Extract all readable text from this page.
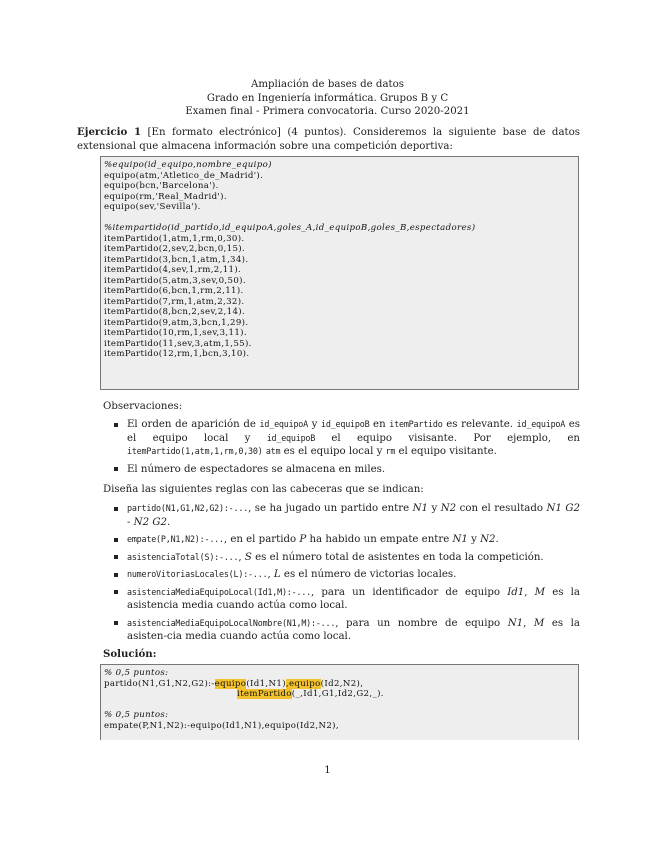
Ampliación de bases de datos
Grado en Ingeniería informática. Grupos B y C
Examen final - Primera convocatoria. Curso 2020-2021
Ejercicio 1 [En formato electrónico] (4 puntos). Consideremos la siguiente base de datos extensional que almacena información sobre una competición deportiva:
%equipo(id_equipo,nombre_equipo)
equipo(atm,'Atletico_de_Madrid').
equipo(bcn,'Barcelona').
equipo(rm,'Real_Madrid').
equipo(sev,'Sevilla').
%itempartido(id_partido,id_equipoA,goles_A,id_equipoB,goles_B,espectadores)
itemPartido(1,atm,1,rm,0,30).
itemPartido(2,sev,2,bcn,0,15).
itemPartido(3,bcn,1,atm,1,34).
itemPartido(4,sev,1,rm,2,11).
itemPartido(5,atm,3,sev,0,50).
itemPartido(6,bcn,1,rm,2,11).
itemPartido(7,rm,1,atm,2,32).
itemPartido(8,bcn,2,sev,2,14).
itemPartido(9,atm,3,bcn,1,29).
itemPartido(10,rm,1,sev,3,11).
itemPartido(11,sev,3,atm,1,55).
itemPartido(12,rm,1,bcn,3,10).
Observaciones:
El orden de aparición de id_equipoA y id_equipoB en itemPartido es relevante. id_equipoA es el equipo local y id_equipoB el equipo visisante. Por ejemplo, en itemPartido(1,atm,1,rm,0,30) atm es el equipo local y rm el equipo visitante.
El número de espectadores se almacena en miles.
Diseña las siguientes reglas con las cabeceras que se indican:
partido(N1,G1,N2,G2):-..., se ha jugado un partido entre N1 y N2 con el resultado N1 G2 - N2 G2.
empate(P,N1,N2):-..., en el partido P ha habido un empate entre N1 y N2.
asistenciaTotal(S):-..., S es el número total de asistentes en toda la competición.
numeroVitoriasLocales(L):-..., L es el número de victorias locales.
asistenciaMediaEquipoLocal(Id1,M):-..., para un identificador de equipo Id1, M es la asistencia media cuando actúa como local.
asistenciaMediaEquipoLocalNombre(N1,M):-..., para un nombre de equipo N1, M es la asisten-cia media cuando actúa como local.
Solución:
% 0,5 puntos:
partido(N1,G1,N2,G2):-equipo(Id1,N1),equipo(Id2,N2),
itemPartido(_,Id1,G1,Id2,G2,_).
% 0,5 puntos:
empate(P,N1,N2):-equipo(Id1,N1),equipo(Id2,N2),
1
